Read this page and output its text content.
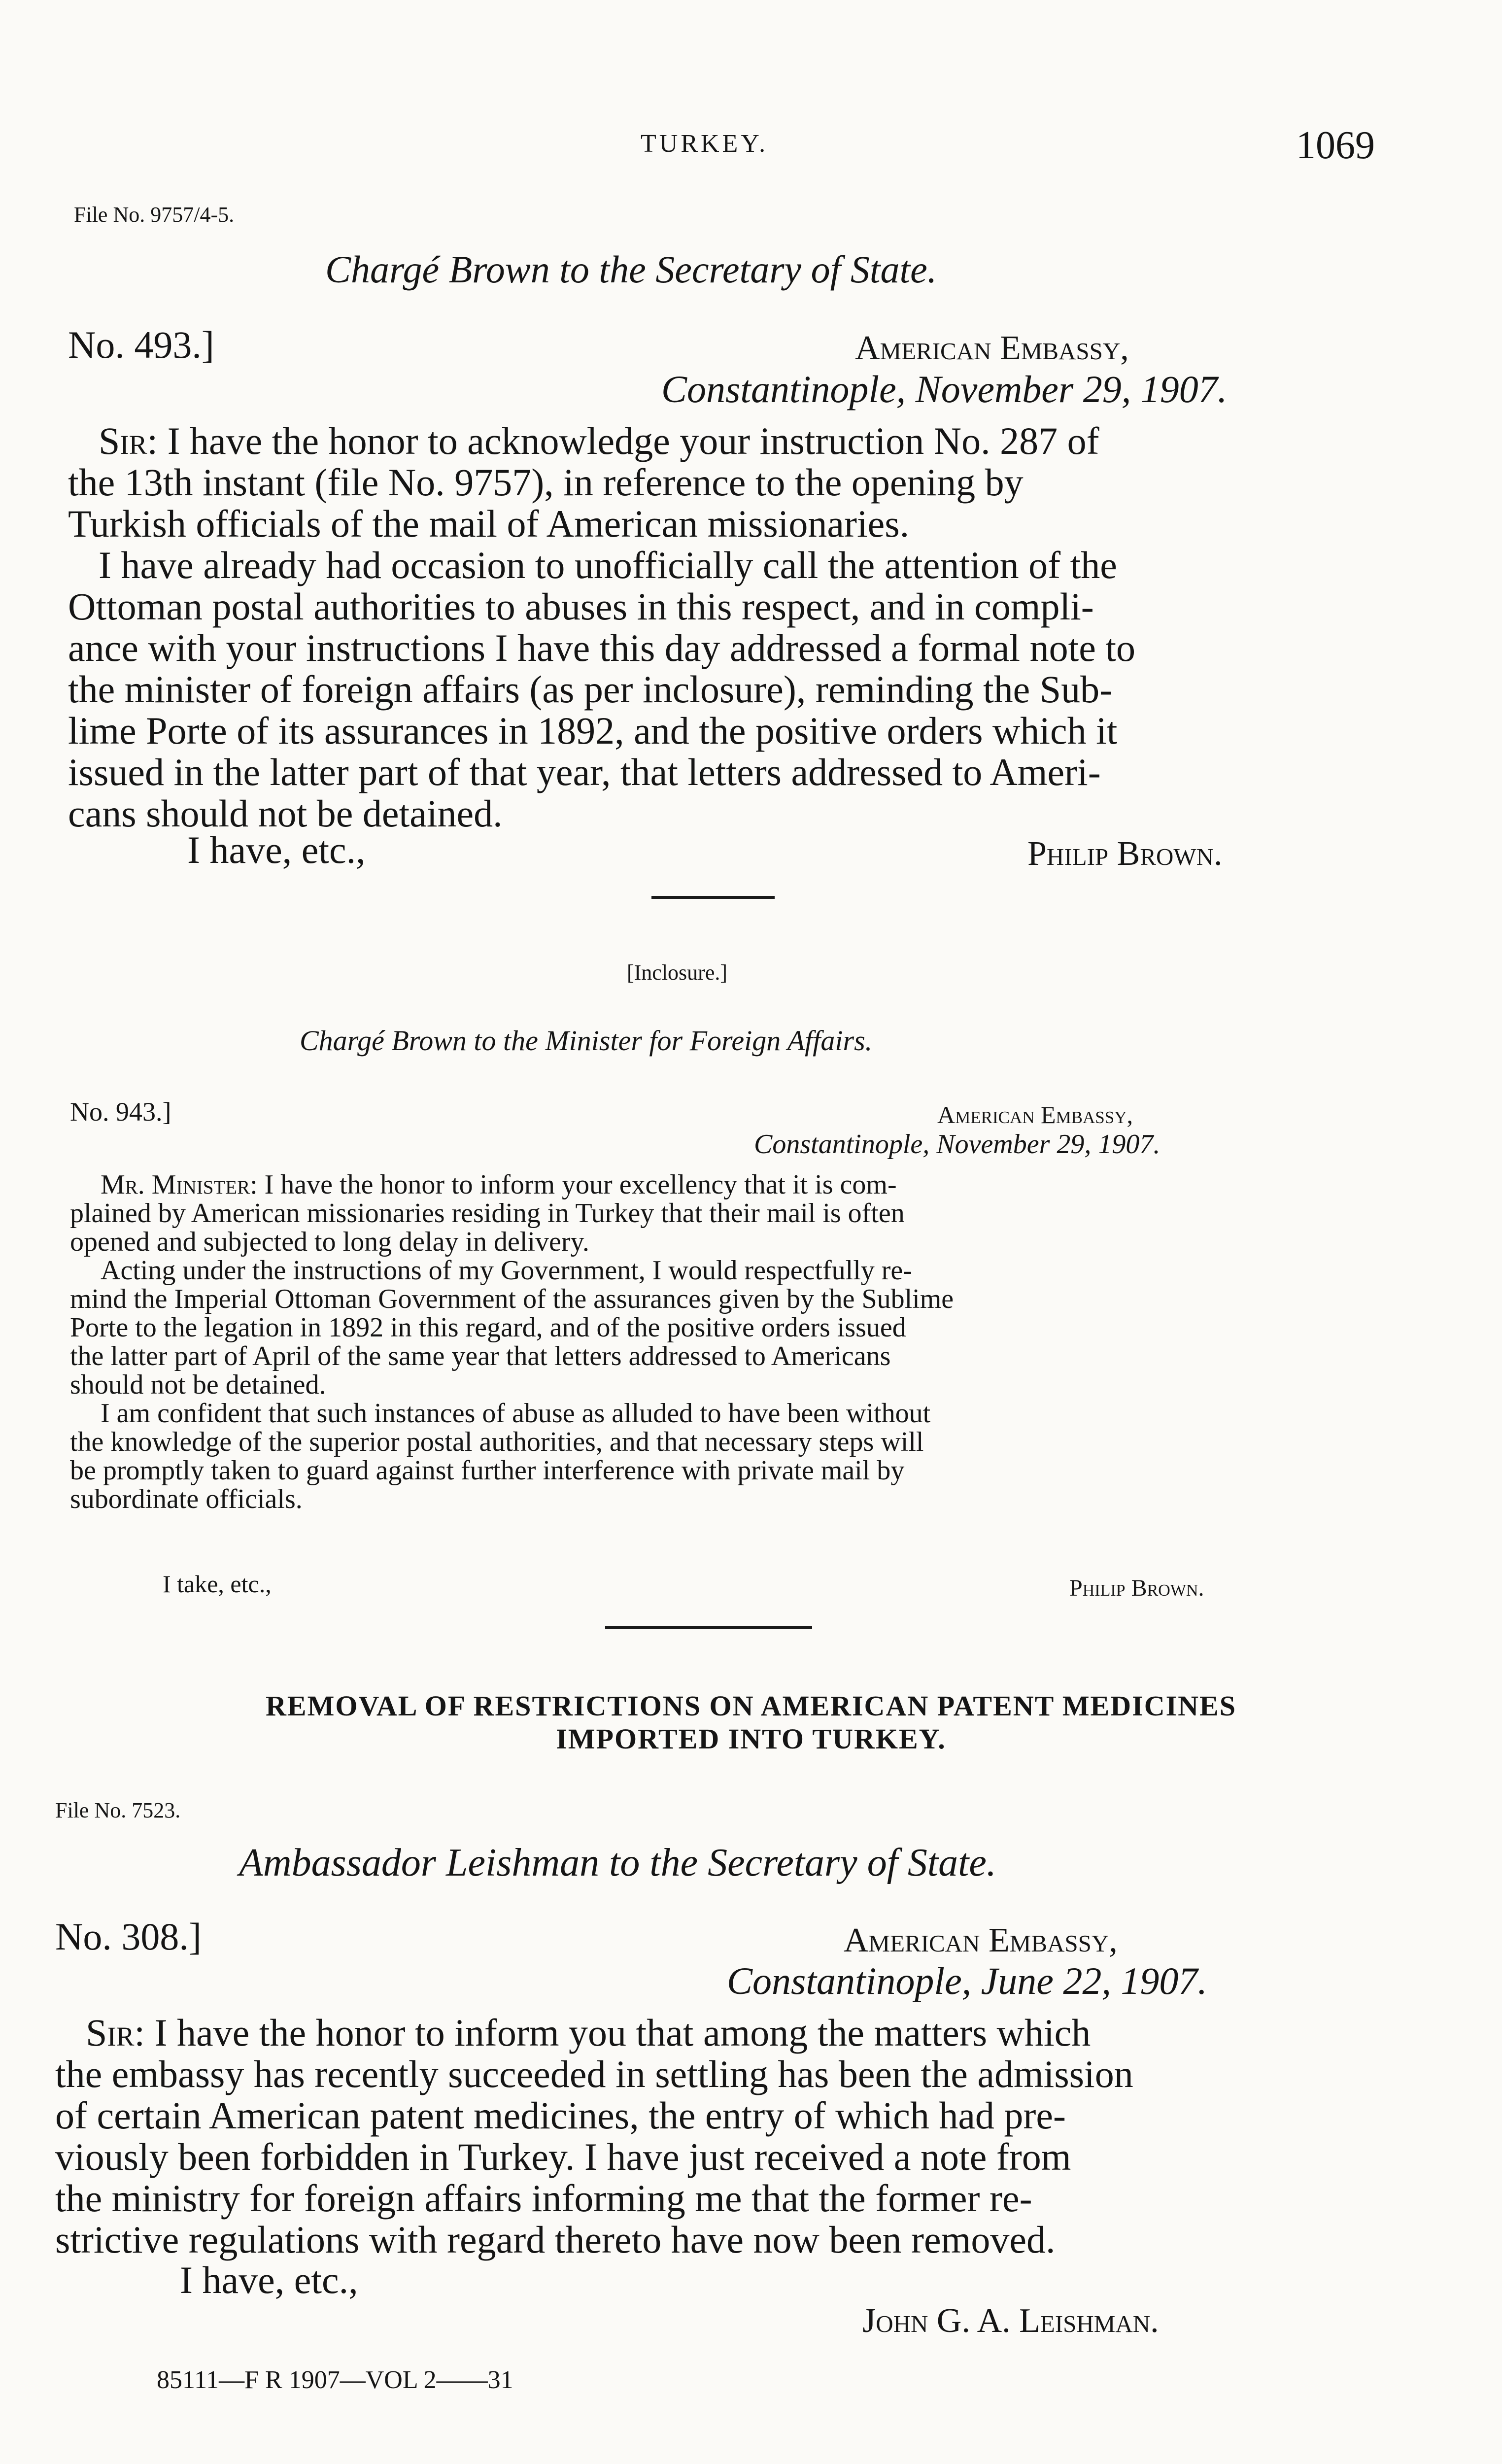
TURKEY.	1069
File No. 9757/4-5.
Chargé Brown to the Secretary of State.
No. 493.]	American Embassy,
Constantinople, November 29, 1907.
Sir: I have the honor to acknowledge your instruction No. 287 of
the 13th instant (file No. 9757), in reference to the opening by
Turkish officials of the mail of American missionaries.
I have already had occasion to unofficially call the attention of the
Ottoman postal authorities to abuses in this respect, and in compli-
ance with your instructions I have this day addressed a formal note to
the minister of foreign affairs (as per inclosure), reminding the Sub-
lime Porte of its assurances in 1892, and the positive orders which it
issued in the latter part of that year, that letters addressed to Ameri-
cans should not be detained.
I have, etc.,	Philip Brown.
[Inclosure.]
Chargé Brown to the Minister for Foreign Affairs.
No. 943.]	American Embassy,
Constantinople, November 29, 1907.
Mr. Minister: I have the honor to inform your excellency that it is com-
plained by American missionaries residing in Turkey that their mail is often
opened and subjected to long delay in delivery.
Acting under the instructions of my Government, I would respectfully re-
mind the Imperial Ottoman Government of the assurances given by the Sublime
Porte to the legation in 1892 in this regard, and of the positive orders issued
the latter part of April of the same year that letters addressed to Americans
should not be detained.
I am confident that such instances of abuse as alluded to have been without
the knowledge of the superior postal authorities, and that necessary steps will
be promptly taken to guard against further interference with private mail by
subordinate officials.
I take, etc.,	Philip Brown.
REMOVAL OF RESTRICTIONS ON AMERICAN PATENT MEDICINES
IMPORTED INTO TURKEY.
File No. 7523.
Ambassador Leishman to the Secretary of State.
No. 308.]	American Embassy,
Constantinople, June 22, 1907.
Sir: I have the honor to inform you that among the matters which
the embassy has recently succeeded in settling has been the admission
of certain American patent medicines, the entry of which had pre-
viously been forbidden in Turkey. I have just received a note from
the ministry for foreign affairs informing me that the former re-
strictive regulations with regard thereto have now been removed.
I have, etc.,
John G. A. Leishman.
85111—F R 1907—VOL 2——31
